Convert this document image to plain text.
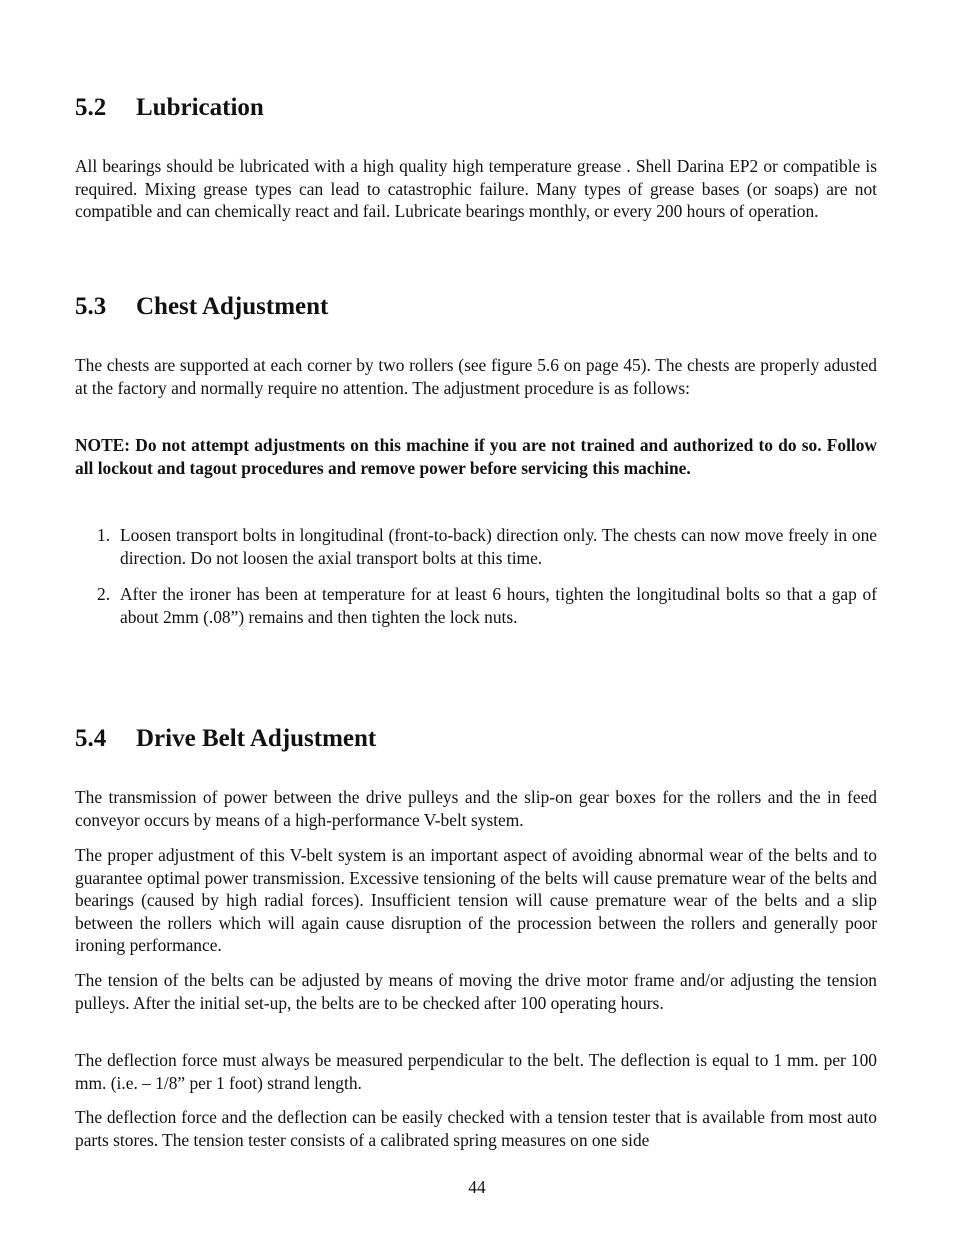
5.2 Lubrication

All bearings should be lubricated with a high quality high temperature grease . Shell Darina EP2 or compatible is required. Mixing grease types can lead to catastrophic failure. Many types of grease bases (or soaps) are not compatible and can chemically react and fail. Lubricate bearings monthly, or every 200 hours of operation.

5.3 Chest Adjustment

The chests are supported at each corner by two rollers (see figure 5.6 on page 45). The chests are properly adusted at the factory and normally require no attention. The adjustment procedure is as follows:

NOTE: Do not attempt adjustments on this machine if you are not trained and authorized to do so. Follow all lockout and tagout procedures and remove power before servicing this machine.

1. Loosen transport bolts in longitudinal (front-to-back) direction only. The chests can now move freely in one direction. Do not loosen the axial transport bolts at this time.
2. After the ironer has been at temperature for at least 6 hours, tighten the longitudinal bolts so that a gap of about 2mm (.08”) remains and then tighten the lock nuts.
5.4 Drive Belt Adjustment

The transmission of power between the drive pulleys and the slip-on gear boxes for the rollers and the in feed conveyor occurs by means of a high-performance V-belt system.

The proper adjustment of this V-belt system is an important aspect of avoiding abnormal wear of the belts and to guarantee optimal power transmission. Excessive tensioning of the belts will cause premature wear of the belts and bearings (caused by high radial forces). Insufficient tension will cause premature wear of the belts and a slip between the rollers which will again cause disruption of the procession between the rollers and generally poor ironing performance.

The tension of the belts can be adjusted by means of moving the drive motor frame and/or adjusting the tension pulleys. After the initial set-up, the belts are to be checked after 100 operating hours.

The deflection force must always be measured perpendicular to the belt. The deflection is equal to 1 mm. per 100 mm. (i.e. – 1/8” per 1 foot) strand length.

The deflection force and the deflection can be easily checked with a tension tester that is available from most auto parts stores. The tension tester consists of a calibrated spring measures on one side

44
